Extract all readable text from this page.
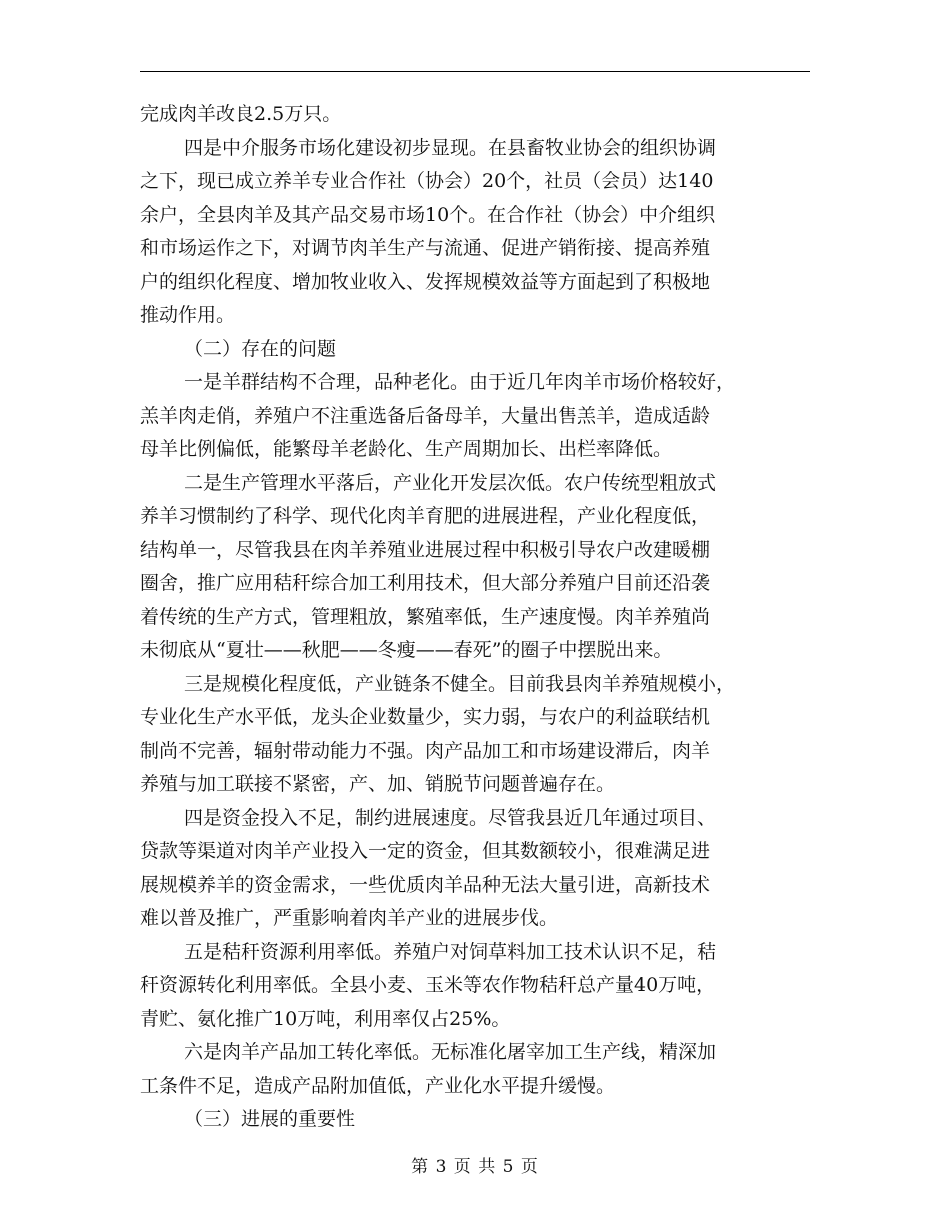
完成肉羊改良2.5万只。
四是中介服务市场化建设初步显现。在县畜牧业协会的组织协调
之下，现已成立养羊专业合作社（协会）20个，社员（会员）达140
余户，全县肉羊及其产品交易市场10个。在合作社（协会）中介组织
和市场运作之下，对调节肉羊生产与流通、促进产销衔接、提高养殖
户的组织化程度、增加牧业收入、发挥规模效益等方面起到了积极地
推动作用。
（二）存在的问题
一是羊群结构不合理，品种老化。由于近几年肉羊市场价格较好，
羔羊肉走俏，养殖户不注重选备后备母羊，大量出售羔羊，造成适龄
母羊比例偏低，能繁母羊老龄化、生产周期加长、出栏率降低。
二是生产管理水平落后，产业化开发层次低。农户传统型粗放式
养羊习惯制约了科学、现代化肉羊育肥的进展进程，产业化程度低，
结构单一，尽管我县在肉羊养殖业进展过程中积极引导农户改建暖棚
圈舍，推广应用秸秆综合加工利用技术，但大部分养殖户目前还沿袭
着传统的生产方式，管理粗放，繁殖率低，生产速度慢。肉羊养殖尚
未彻底从“夏壮——秋肥——冬瘦——春死”的圈子中摆脱出来。
三是规模化程度低，产业链条不健全。目前我县肉羊养殖规模小，
专业化生产水平低，龙头企业数量少，实力弱，与农户的利益联结机
制尚不完善，辐射带动能力不强。肉产品加工和市场建设滞后，肉羊
养殖与加工联接不紧密，产、加、销脱节问题普遍存在。
四是资金投入不足，制约进展速度。尽管我县近几年通过项目、
贷款等渠道对肉羊产业投入一定的资金，但其数额较小，很难满足进
展规模养羊的资金需求，一些优质肉羊品种无法大量引进，高新技术
难以普及推广，严重影响着肉羊产业的进展步伐。
五是秸秆资源利用率低。养殖户对饲草料加工技术认识不足，秸
秆资源转化利用率低。全县小麦、玉米等农作物秸秆总产量40万吨，
青贮、氨化推广10万吨，利用率仅占25%。
六是肉羊产品加工转化率低。无标准化屠宰加工生产线，精深加
工条件不足，造成产品附加值低，产业化水平提升缓慢。
（三）进展的重要性
第 3 页 共 5 页
